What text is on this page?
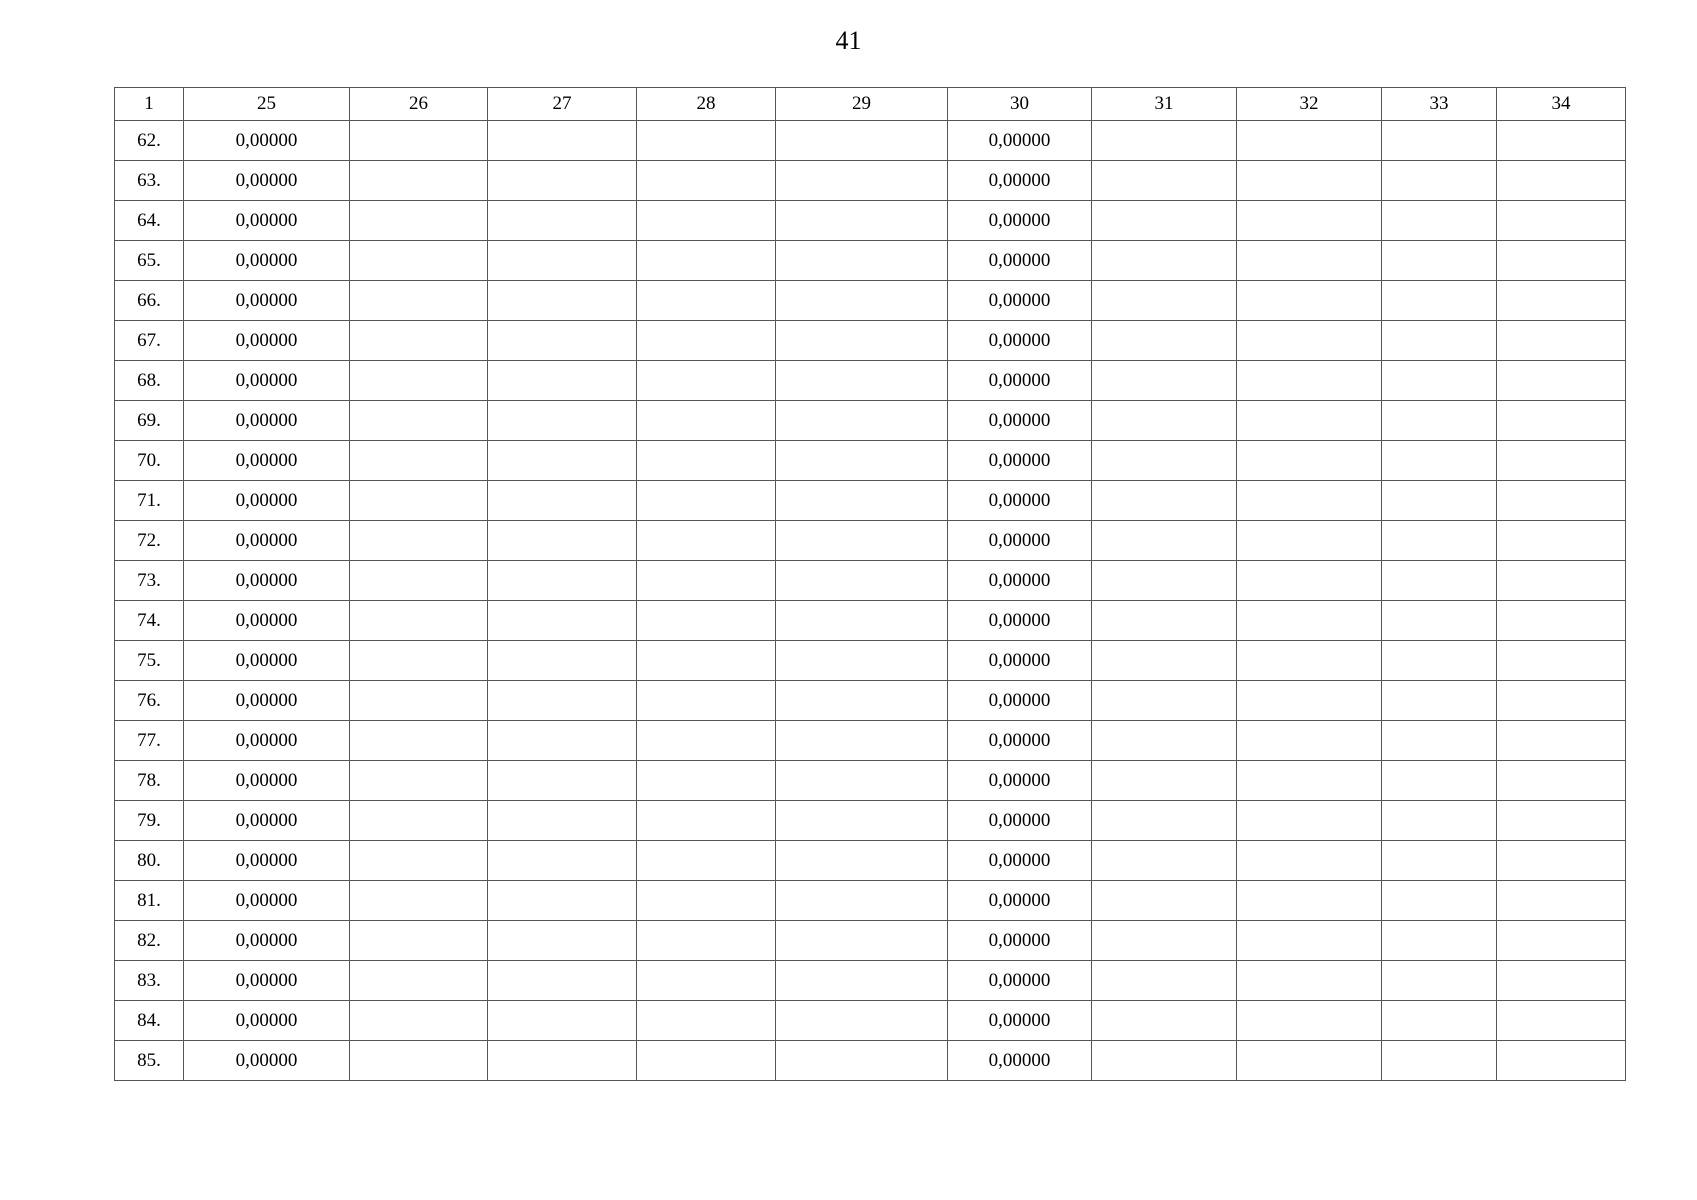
41
1	25	26	27	28	29	30	31	32	33	34
62.	0,00000					0,00000				
63.	0,00000					0,00000				
64.	0,00000					0,00000				
65.	0,00000					0,00000				
66.	0,00000					0,00000				
67.	0,00000					0,00000				
68.	0,00000					0,00000				
69.	0,00000					0,00000				
70.	0,00000					0,00000				
71.	0,00000					0,00000				
72.	0,00000					0,00000				
73.	0,00000					0,00000				
74.	0,00000					0,00000				
75.	0,00000					0,00000				
76.	0,00000					0,00000				
77.	0,00000					0,00000				
78.	0,00000					0,00000				
79.	0,00000					0,00000				
80.	0,00000					0,00000				
81.	0,00000					0,00000				
82.	0,00000					0,00000				
83.	0,00000					0,00000				
84.	0,00000					0,00000				
85.	0,00000					0,00000				
